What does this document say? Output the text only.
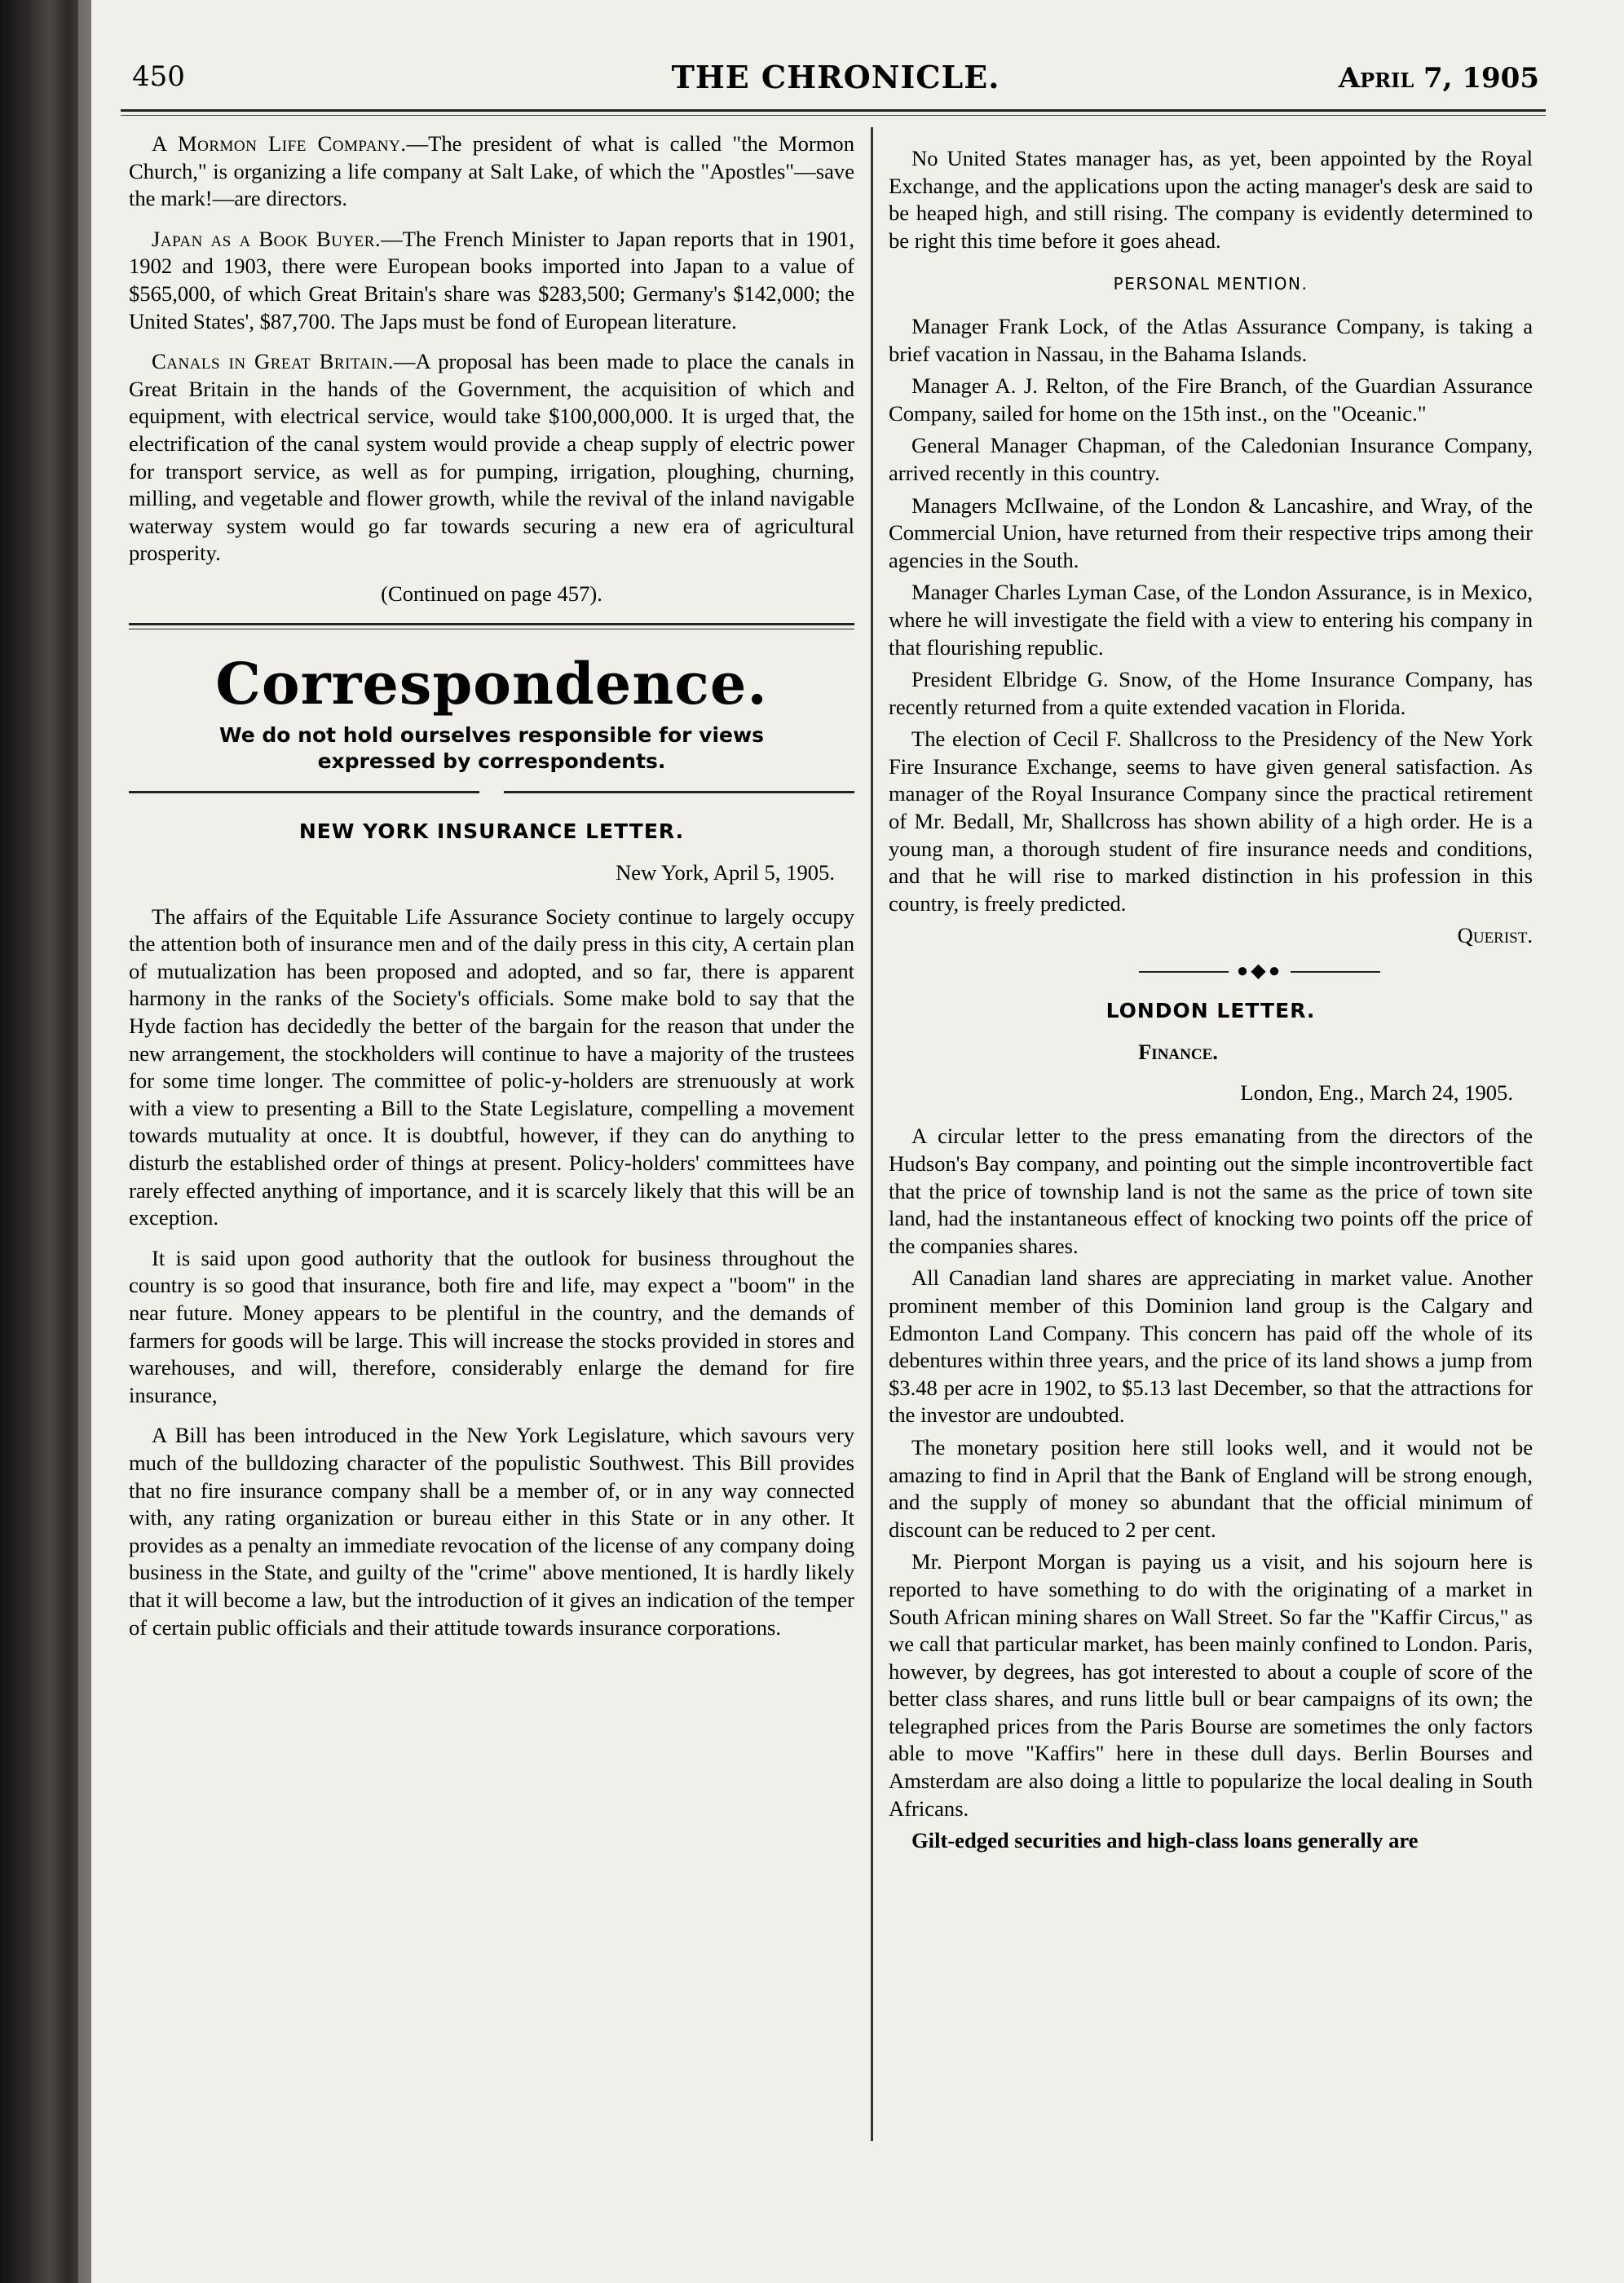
450	THE CHRONICLE.	April 7, 1905

A Mormon Life Company.—The president of what is called "the Mormon Church," is organizing a life company at Salt Lake, of which the "Apostles"—save the mark!—are directors.

Japan as a Book Buyer.—The French Minister to Japan reports that in 1901, 1902 and 1903, there were European books imported into Japan to a value of $565,000, of which Great Britain's share was $283,500; Germany's $142,000; the United States', $87,700. The Japs must be fond of European literature.

Canals in Great Britain.—A proposal has been made to place the canals in Great Britain in the hands of the Government, the acquisition of which and equipment, with electrical service, would take $100,000,000. It is urged that, the electrification of the canal system would provide a cheap supply of electric power for transport service, as well as for pumping, irrigation, ploughing, churning, milling, and vegetable and flower growth, while the revival of the inland navigable waterway system would go far towards securing a new era of agricultural prosperity.

(Continued on page 457).

Correspondence.
We do not hold ourselves responsible for views expressed by correspondents.
NEW YORK INSURANCE LETTER.
New York, April 5, 1905.

The affairs of the Equitable Life Assurance Society continue to largely occupy the attention both of insurance men and of the daily press in this city, A certain plan of mutualization has been proposed and adopted, and so far, there is apparent harmony in the ranks of the Society's officials. Some make bold to say that the Hyde faction has decidedly the better of the bargain for the reason that under the new arrangement, the stockholders will continue to have a majority of the trustees for some time longer. The committee of polic-y-holders are strenuously at work with a view to presenting a Bill to the State Legislature, compelling a movement towards mutuality at once. It is doubtful, however, if they can do anything to disturb the established order of things at present. Policy-holders' committees have rarely effected anything of importance, and it is scarcely likely that this will be an exception.

It is said upon good authority that the outlook for business throughout the country is so good that insurance, both fire and life, may expect a "boom" in the near future. Money appears to be plentiful in the country, and the demands of farmers for goods will be large. This will increase the stocks provided in stores and warehouses, and will, therefore, considerably enlarge the demand for fire insurance,

A Bill has been introduced in the New York Legislature, which savours very much of the bulldozing character of the populistic Southwest. This Bill provides that no fire insurance company shall be a member of, or in any way connected with, any rating organization or bureau either in this State or in any other. It provides as a penalty an immediate revocation of the license of any company doing business in the State, and guilty of the "crime" above mentioned, It is hardly likely that it will become a law, but the introduction of it gives an indication of the temper of certain public officials and their attitude towards insurance corporations.

No United States manager has, as yet, been appointed by the Royal Exchange, and the applications upon the acting manager's desk are said to be heaped high, and still rising. The company is evidently determined to be right this time before it goes ahead.

PERSONAL MENTION.

Manager Frank Lock, of the Atlas Assurance Company, is taking a brief vacation in Nassau, in the Bahama Islands.

Manager A. J. Relton, of the Fire Branch, of the Guardian Assurance Company, sailed for home on the 15th inst., on the "Oceanic."

General Manager Chapman, of the Caledonian Insurance Company, arrived recently in this country.

Managers McIlwaine, of the London & Lancashire, and Wray, of the Commercial Union, have returned from their respective trips among their agencies in the South.

Manager Charles Lyman Case, of the London Assurance, is in Mexico, where he will investigate the field with a view to entering his company in that flourishing republic.

President Elbridge G. Snow, of the Home Insurance Company, has recently returned from a quite extended vacation in Florida.

The election of Cecil F. Shallcross to the Presidency of the New York Fire Insurance Exchange, seems to have given general satisfaction. As manager of the Royal Insurance Company since the practical retirement of Mr. Bedall, Mr, Shallcross has shown ability of a high order. He is a young man, a thorough student of fire insurance needs and conditions, and that he will rise to marked distinction in his profession in this country, is freely predicted.

Querist.
●◆●
LONDON LETTER.
Finance.
London, Eng., March 24, 1905.

A circular letter to the press emanating from the directors of the Hudson's Bay company, and pointing out the simple incontrovertible fact that the price of township land is not the same as the price of town site land, had the instantaneous effect of knocking two points off the price of the companies shares.

All Canadian land shares are appreciating in market value. Another prominent member of this Dominion land group is the Calgary and Edmonton Land Company. This concern has paid off the whole of its debentures within three years, and the price of its land shows a jump from $3.48 per acre in 1902, to $5.13 last December, so that the attractions for the investor are undoubted.

The monetary position here still looks well, and it would not be amazing to find in April that the Bank of England will be strong enough, and the supply of money so abundant that the official minimum of discount can be reduced to 2 per cent.

Mr. Pierpont Morgan is paying us a visit, and his sojourn here is reported to have something to do with the originating of a market in South African mining shares on Wall Street. So far the "Kaffir Circus," as we call that particular market, has been mainly confined to London. Paris, however, by degrees, has got interested to about a couple of score of the better class shares, and runs little bull or bear campaigns of its own; the telegraphed prices from the Paris Bourse are sometimes the only factors able to move "Kaffirs" here in these dull days. Berlin Bourses and Amsterdam are also doing a little to popularize the local dealing in South Africans.

Gilt-edged securities and high-class loans generally are
